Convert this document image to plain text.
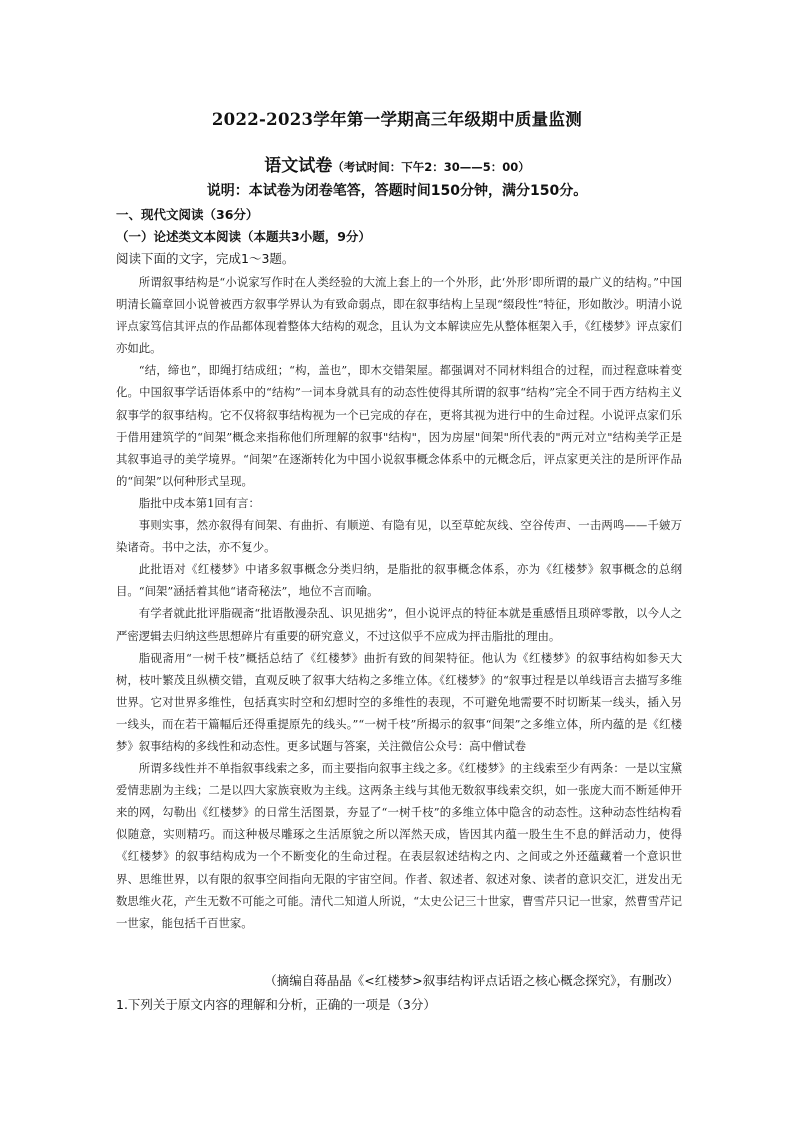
2022-2023学年第一学期高三年级期中质量监测
语文试卷（考试时间：下午2：30——5：00）
说明：本试卷为闭卷笔答，答题时间150分钟，满分150分。
一、现代文阅读（36分）
（一）论述类文本阅读（本题共3小题，9分）
阅读下面的文字，完成1～3题。

所谓叙事结构是“小说家写作时在人类经验的大流上套上的一个外形，此‘外形’即所谓的最广义的结构。”中国明清长篇章回小说曾被西方叙事学界认为有致命弱点，即在叙事结构上呈现“缀段性”特征，形如散沙。明清小说评点家笃信其评点的作品都体现着整体大结构的观念，且认为文本解读应先从整体框架入手，《红楼梦》评点家们亦如此。

“结，缔也”，即绳打结成纽；“构，盖也”，即木交错架屋。都强调对不同材料组合的过程，而过程意味着变化。中国叙事学话语体系中的“结构”一词本身就具有的动态性使得其所谓的叙事“结构”完全不同于西方结构主义叙事学的叙事结构。它不仅将叙事结构视为一个已完成的存在，更将其视为进行中的生命过程。小说评点家们乐于借用建筑学的“间架”概念来指称他们所理解的叙事"结构"，因为房屋"间架"所代表的"两元对立"结构美学正是其叙事追寻的美学境界。“间架”在逐渐转化为中国小说叙事概念体系中的元概念后，评点家更关注的是所评作品的“间架”以何种形式呈现。

脂批中戌本第1回有言：

事则实事，然亦叙得有间架、有曲折、有顺逆、有隐有见，以至草蛇灰线、空谷传声、一击两鸣——千皴万染诸奇。书中之法，亦不复少。

此批语对《红楼梦》中诸多叙事概念分类归纳，是脂批的叙事概念体系，亦为《红楼梦》叙事概念的总纲目。“间架”涵括着其他“诸奇秘法”，地位不言而喻。

有学者就此批评脂砚斋“批语散漫杂乱、识见拙劣”，但小说评点的特征本就是重感悟且琐碎零散，以今人之严密逻辑去归纳这些思想碎片有重要的研究意义，不过这似乎不应成为抨击脂批的理由。

脂砚斋用“一树千枝”概括总结了《红楼梦》曲折有致的间架特征。他认为《红楼梦》的叙事结构如参天大树，枝叶繁茂且纵横交错，直观反映了叙事大结构之多维立体。《红楼梦》的“叙事过程是以单线语言去描写多维世界。它对世界多维性，包括真实时空和幻想时空的多维性的表现，不可避免地需要不时切断某一线头，插入另一线头，而在若干篇幅后还得重提原先的线头。”“一树千枝”所揭示的叙事“间架”之多维立体，所内蕴的是《红楼梦》叙事结构的多线性和动态性。更多试题与答案，关注微信公众号：高中僧试卷

所谓多线性并不单指叙事线索之多，而主要指向叙事主线之多。《红楼梦》的主线索至少有两条：一是以宝黛爱情悲剧为主线；二是以四大家族衰败为主线。这两条主线与其他无数叙事线索交织，如一张庞大而不断延伸开来的网，勾勒出《红楼梦》的日常生活图景，夯显了“一树千枝”的多维立体中隐含的动态性。这种动态性结构看似随意，实则精巧。而这种极尽雕琢之生活原貌之所以浑然天成，皆因其内蕴一股生生不息的鲜活动力，使得《红楼梦》的叙事结构成为一个不断变化的生命过程。在表层叙述结构之内、之间或之外还蕴藏着一个意识世界、思维世界，以有限的叙事空间指向无限的宇宙空间。作者、叙述者、叙述对象、读者的意识交汇，迸发出无数思维火花，产生无数不可能之可能。清代二知道人所说，“太史公记三十世家，曹雪芹只记一世家，然曹雪芹记一世家，能包括千百世家。

（摘编自蒋晶晶《<红楼梦>叙事结构评点话语之核心概念探究》，有删改）
1.下列关于原文内容的理解和分析，正确的一项是（3分）
